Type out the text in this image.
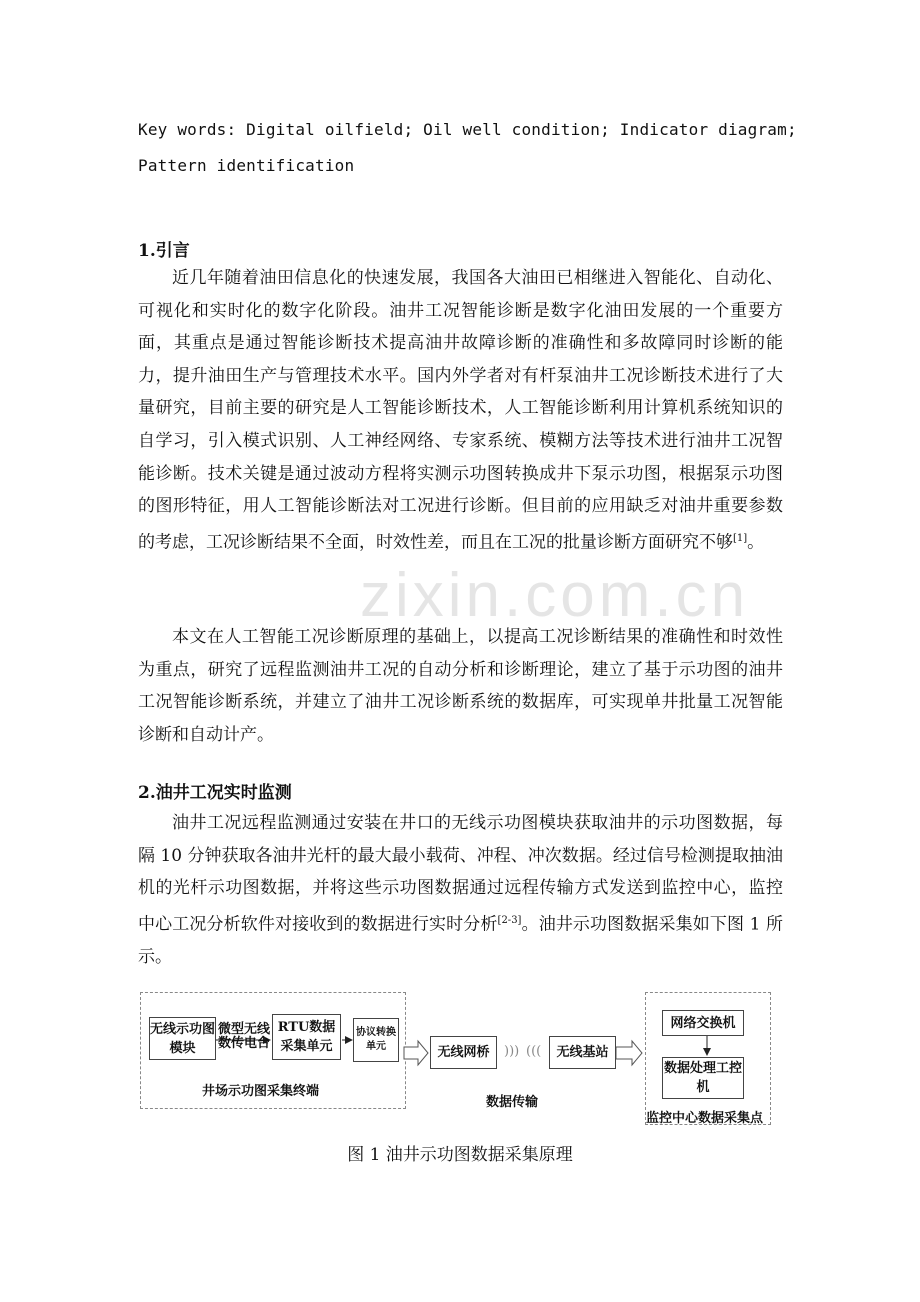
Key words: Digital oilfield; Oil well condition; Indicator diagram;
Pattern identification
1.引言

近几年随着油田信息化的快速发展，我国各大油田已相继进入智能化、自动化、可视化和实时化的数字化阶段。油井工况智能诊断是数字化油田发展的一个重要方面，其重点是通过智能诊断技术提高油井故障诊断的准确性和多故障同时诊断的能力，提升油田生产与管理技术水平。国内外学者对有杆泵油井工况诊断技术进行了大量研究，目前主要的研究是人工智能诊断技术，人工智能诊断利用计算机系统知识的自学习，引入模式识别、人工神经网络、专家系统、模糊方法等技术进行油井工况智能诊断。技术关键是通过波动方程将实测示功图转换成井下泵示功图，根据泵示功图的图形特征，用人工智能诊断法对工况进行诊断。但目前的应用缺乏对油井重要参数的考虑，工况诊断结果不全面，时效性差，而且在工况的批量诊断方面研究不够[1]。

本文在人工智能工况诊断原理的基础上，以提高工况诊断结果的准确性和时效性为重点，研究了远程监测油井工况的自动分析和诊断理论，建立了基于示功图的油井工况智能诊断系统，并建立了油井工况诊断系统的数据库，可实现单井批量工况智能诊断和自动计产。

2.油井工况实时监测

油井工况远程监测通过安装在井口的无线示功图模块获取油井的示功图数据，每隔 10 分钟获取各油井光杆的最大最小载荷、冲程、冲次数据。经过信号检测提取抽油机的光杆示功图数据，并将这些示功图数据通过远程传输方式发送到监控中心，监控中心工况分析软件对接收到的数据进行实时分析[2-3]。油井示功图数据采集如下图 1 所示。

zixin.com.cn
无线示功图模块
微型无线数传电台
RTU数据采集单元
协议转换单元
井场示功图采集终端
无线网桥	))) (((	无线基站
数据传输
网络交换机
数据处理工控机
监控中心数据采集点
图 1 油井示功图数据采集原理
